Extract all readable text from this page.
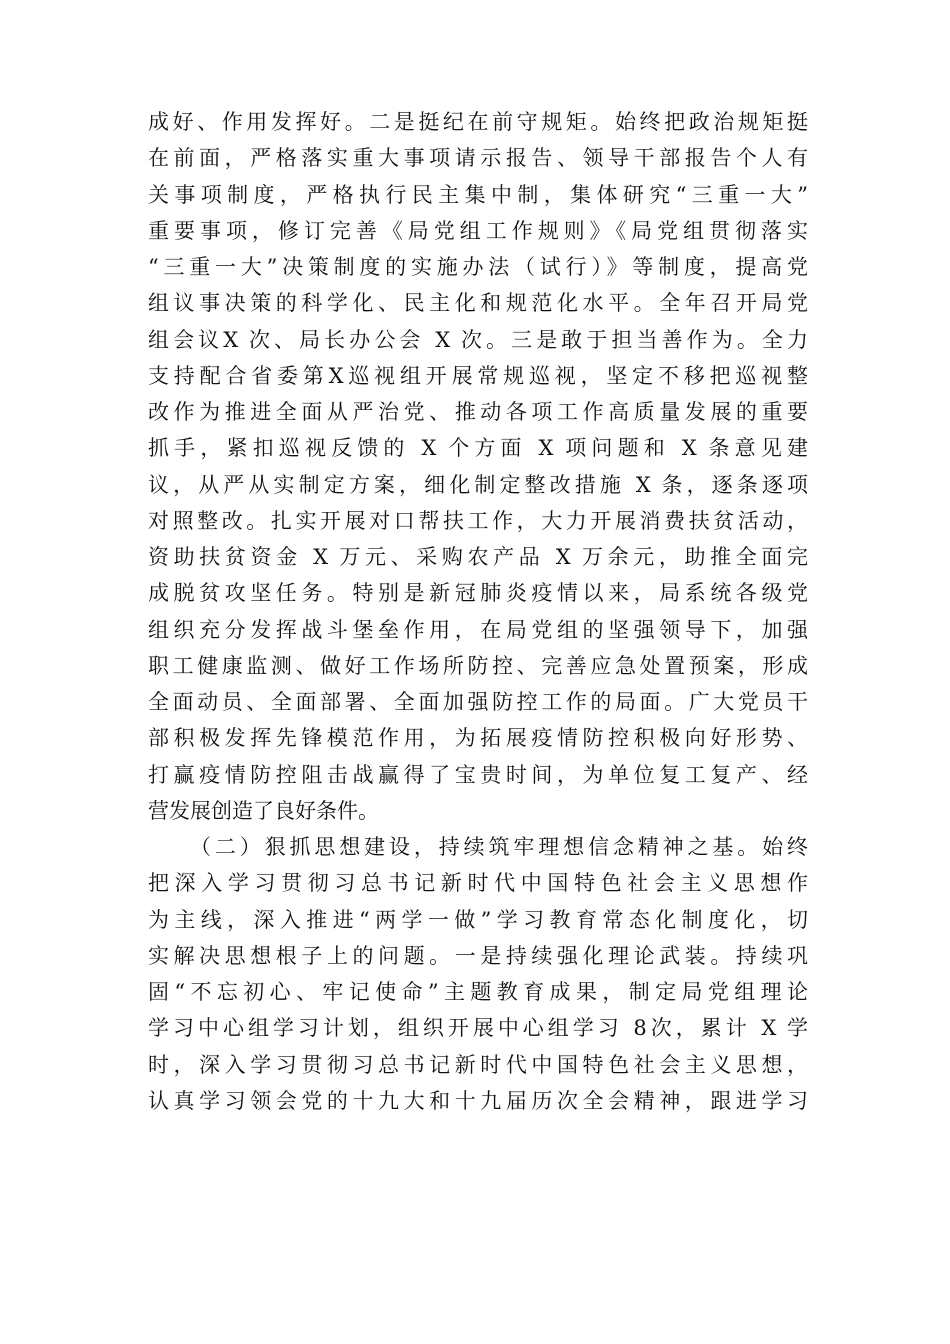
成好、作用发挥好。二是挺纪在前守规矩。始终把政治规矩挺
在前面，严格落实重大事项请示报告、领导干部报告个人有
关事项制度，严格执行民主集中制，集体研究“三重一大”
重要事项，修订完善《局党组工作规则》《局党组贯彻落实
“三重一大”决策制度的实施办法（试行）》等制度，提高党
组议事决策的科学化、民主化和规范化水平。全年召开局党
组会议X 次、局长办公会 X 次。三是敢于担当善作为。全力
支持配合省委第X巡视组开展常规巡视，坚定不移把巡视整
改作为推进全面从严治党、推动各项工作高质量发展的重要
抓手，紧扣巡视反馈的 X 个方面 X 项问题和 X 条意见建
议，从严从实制定方案，细化制定整改措施 X 条，逐条逐项
对照整改。扎实开展对口帮扶工作，大力开展消费扶贫活动，
资助扶贫资金 X 万元、采购农产品 X 万余元，助推全面完
成脱贫攻坚任务。特别是新冠肺炎疫情以来，局系统各级党
组织充分发挥战斗堡垒作用，在局党组的坚强领导下，加强
职工健康监测、做好工作场所防控、完善应急处置预案，形成
全面动员、全面部署、全面加强防控工作的局面。广大党员干
部积极发挥先锋模范作用，为拓展疫情防控积极向好形势、
打赢疫情防控阻击战赢得了宝贵时间，为单位复工复产、经
营发展创造了良好条件。
（二）狠抓思想建设，持续筑牢理想信念精神之基。始终
把深入学习贯彻习总书记新时代中国特色社会主义思想作
为主线，深入推进“两学一做”学习教育常态化制度化，切
实解决思想根子上的问题。一是持续强化理论武装。持续巩
固“不忘初心、牢记使命”主题教育成果，制定局党组理论
学习中心组学习计划，组织开展中心组学习 8次，累计 X 学
时，深入学习贯彻习总书记新时代中国特色社会主义思想，
认真学习领会党的十九大和十九届历次全会精神，跟进学习
